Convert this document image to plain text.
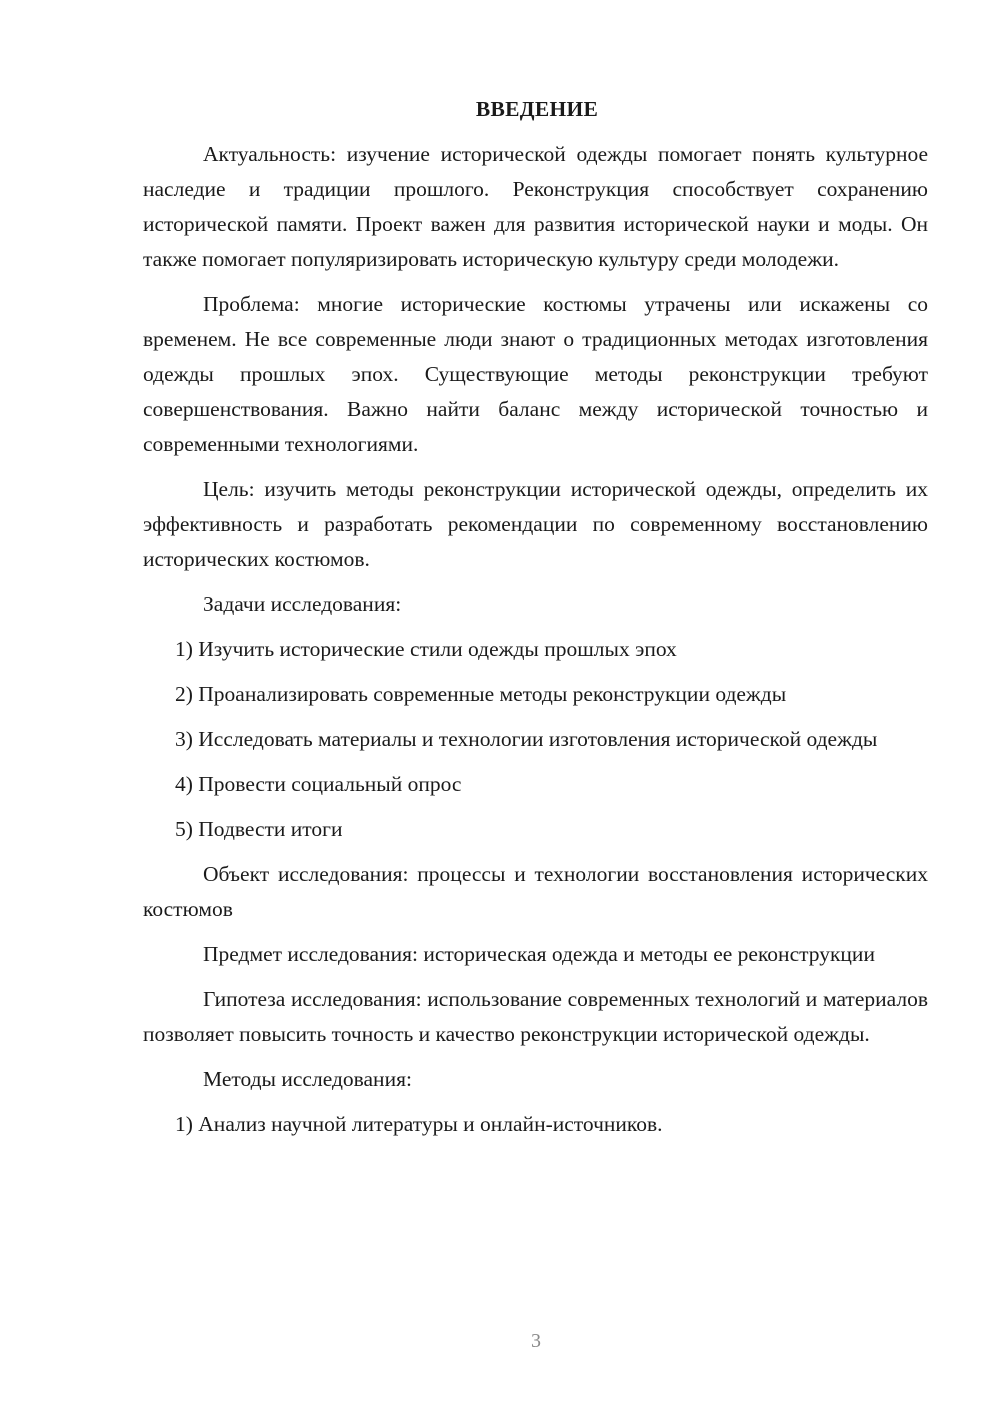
ВВЕДЕНИЕ

Актуальность: изучение исторической одежды помогает понять культурное наследие и традиции прошлого. Реконструкция способствует сохранению исторической памяти. Проект важен для развития исторической науки и моды. Он также помогает популяризировать историческую культуру среди молодежи.

Проблема: многие исторические костюмы утрачены или искажены со временем. Не все современные люди знают о традиционных методах изготовления одежды прошлых эпох. Существующие методы реконструкции требуют совершенствования. Важно найти баланс между исторической точностью и современными технологиями.

Цель: изучить методы реконструкции исторической одежды, определить их эффективность и разработать рекомендации по современному восстановлению исторических костюмов.

Задачи исследования:

1) Изучить исторические стили одежды прошлых эпох

2) Проанализировать современные методы реконструкции одежды

3) Исследовать материалы и технологии изготовления исторической одежды

4) Провести социальный опрос

5) Подвести итоги

Объект исследования: процессы и технологии восстановления исторических костюмов

Предмет исследования: историческая одежда и методы ее реконструкции

Гипотеза исследования: использование современных технологий и материалов позволяет повысить точность и качество реконструкции исторической одежды.

Методы исследования:

1) Анализ научной литературы и онлайн-источников.

3
